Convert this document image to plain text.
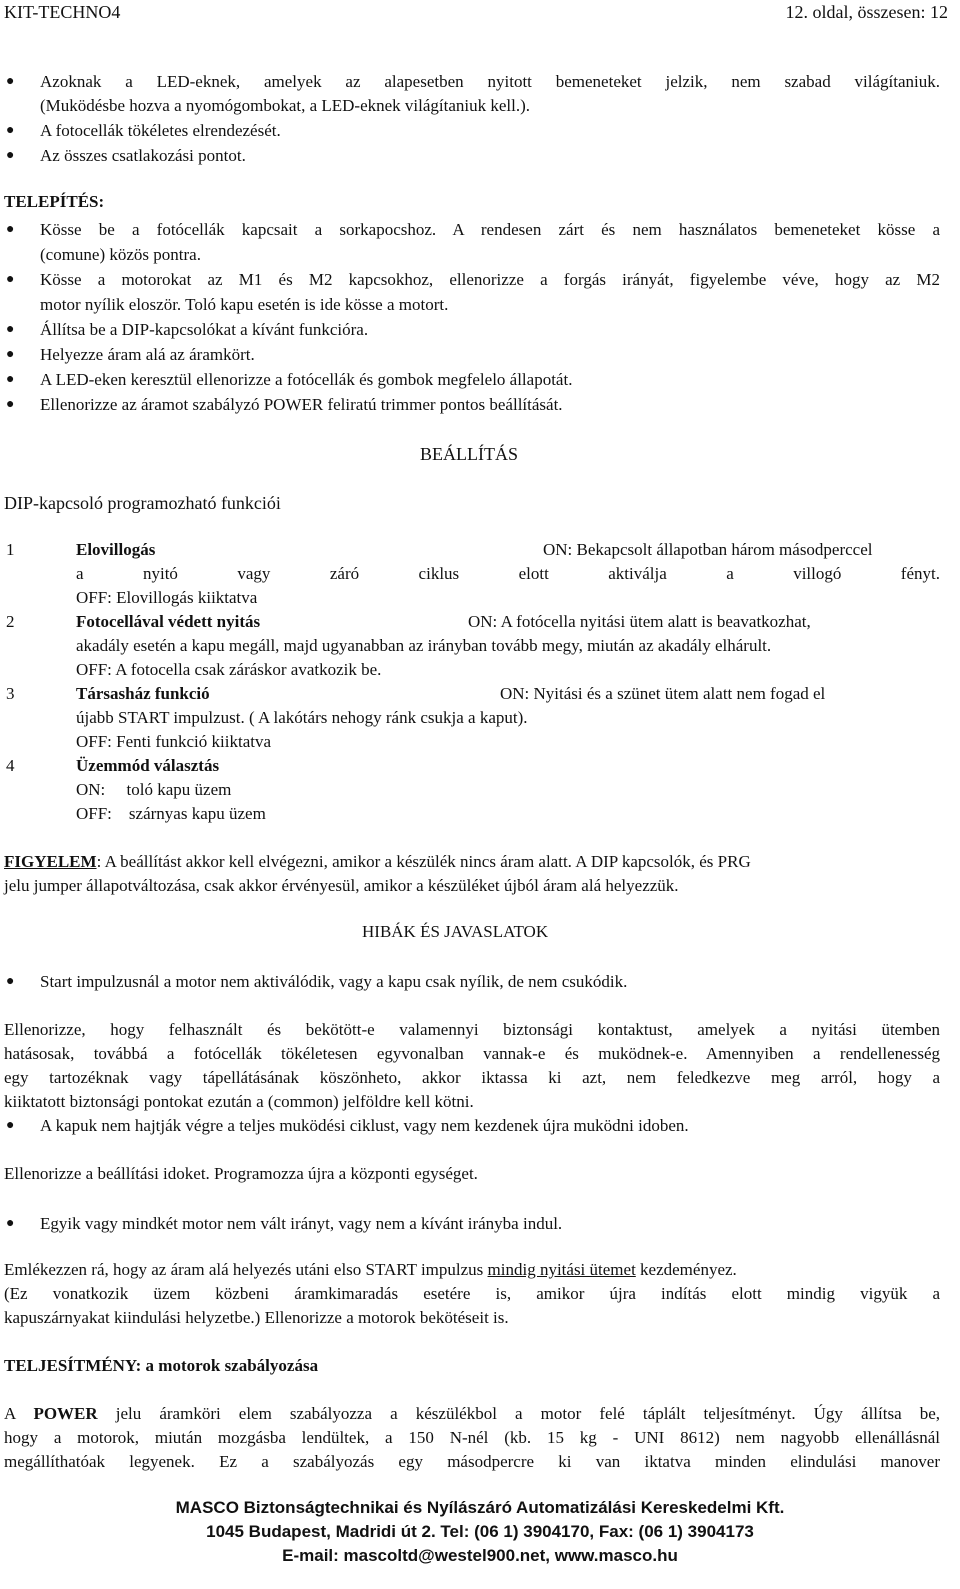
KIT-TECHNO4	12. oldal, összesen: 12
● Azoknak a LED-eknek, amelyek az alapesetben nyitott bemeneteket jelzik, nem szabad világítaniuk.
(Muködésbe hozva a nyomógombokat, a LED-eknek világítaniuk kell.).
● A fotocellák tökéletes elrendezését.
● Az összes csatlakozási pontot.
TELEPÍTÉS:
● Kösse be a fotócellák kapcsait a sorkapocshoz. A rendesen zárt és nem használatos bemeneteket kösse a
(comune) közös pontra.
● Kösse a motorokat az M1 és M2 kapcsokhoz, ellenorizze a forgás irányát, figyelembe véve, hogy az M2
motor nyílik eloször. Toló kapu esetén is ide kösse a motort.
● Állítsa be a DIP-kapcsolókat a kívánt funkcióra.
● Helyezze áram alá az áramkört.
● A LED-eken keresztül ellenorizze a fotócellák és gombok megfelelo állapotát.
● Ellenorizze az áramot szabályzó POWER feliratú trimmer pontos beállítását.
BEÁLLÍTÁS
DIP-kapcsoló programozható funkciói
1	Elovillogás	ON: Bekapcsolt állapotban három másodperccel
a nyitó vagy záró ciklus elott aktiválja a villogó fényt.
OFF: Elovillogás kiiktatva
2	Fotocellával védett nyitás	ON: A fotócella nyitási ütem alatt is beavatkozhat,
akadály esetén a kapu megáll, majd ugyanabban az irányban tovább megy, miután az akadály elhárult.
OFF: A fotocella csak záráskor avatkozik be.
3	Társasház funkció	ON: Nyitási és a szünet ütem alatt nem fogad el
újabb START impulzust. ( A lakótárs nehogy ránk csukja a kaput).
OFF: Fenti funkció kiiktatva
4	Üzemmód választás
ON:     toló kapu üzem
OFF:    szárnyas kapu üzem
FIGYELEM: A beállítást akkor kell elvégezni, amikor a készülék nincs áram alatt. A DIP kapcsolók, és PRG
jelu jumper állapotváltozása, csak akkor érvényesül, amikor a készüléket újból áram alá helyezzük.
HIBÁK ÉS JAVASLATOK
● Start impulzusnál a motor nem aktiválódik, vagy a kapu csak nyílik, de nem csukódik.
Ellenorizze, hogy felhasznált és bekötött-e valamennyi biztonsági kontaktust, amelyek a nyitási ütemben
hatásosak, továbbá a fotócellák tökéletesen egyvonalban vannak-e és muködnek-e. Amennyiben a rendellenesség
egy tartozéknak vagy tápellátásának köszönheto, akkor iktassa ki azt, nem feledkezve meg arról, hogy a
kiiktatott biztonsági pontokat ezután a (common) jelföldre kell kötni.
● A kapuk nem hajtják végre a teljes muködési ciklust, vagy nem kezdenek újra muködni idoben.
Ellenorizze a beállítási idoket. Programozza újra a központi egységet.
● Egyik vagy mindkét motor nem vált irányt, vagy nem a kívánt irányba indul.
Emlékezzen rá, hogy az áram alá helyezés utáni elso START impulzus mindig nyitási ütemet kezdeményez.
(Ez vonatkozik üzem közbeni áramkimaradás esetére is, amikor újra indítás elott mindig vigyük a
kapuszárnyakat kiindulási helyzetbe.) Ellenorizze a motorok bekötéseit is.
TELJESÍTMÉNY: a motorok szabályozása
A POWER jelu áramköri elem szabályozza a készülékbol a motor felé táplált teljesítményt. Úgy állítsa be,
hogy a motorok, miután mozgásba lendültek, a 150 N-nél (kb. 15 kg - UNI 8612) nem nagyobb ellenállásnál
megállíthatóak legyenek. Ez a szabályozás egy másodpercre ki van iktatva minden elindulási manover
MASCO Biztonságtechnikai és Nyílászáró Automatizálási Kereskedelmi Kft.
1045 Budapest, Madridi út 2. Tel: (06 1) 3904170, Fax: (06 1) 3904173
E-mail: mascoltd@westel900.net, www.masco.hu
